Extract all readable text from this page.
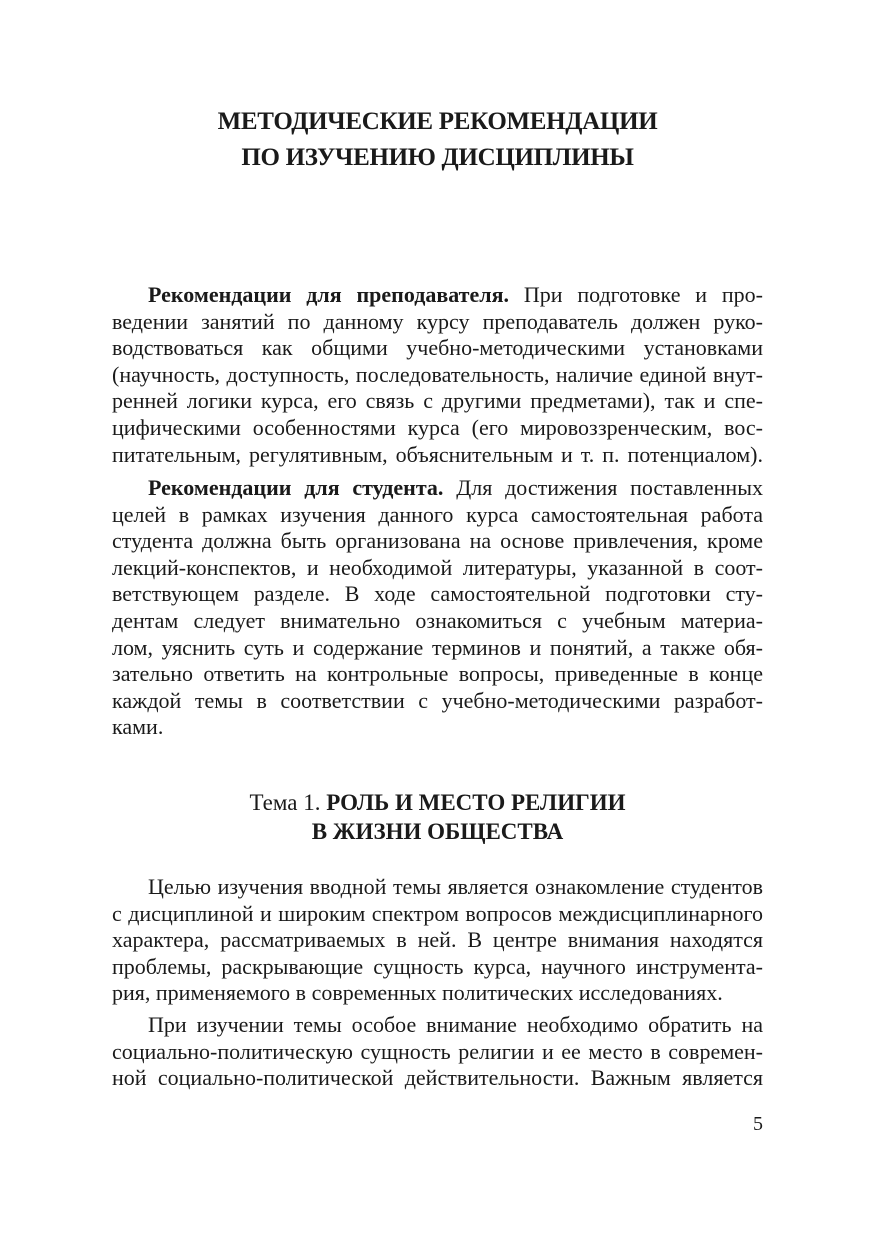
МЕТОДИЧЕСКИЕ РЕКОМЕНДАЦИИ
ПО ИЗУЧЕНИЮ ДИСЦИПЛИНЫ
Рекомендации для преподавателя. При подготовке и про-
ведении занятий по данному курсу преподаватель должен руко-
водствоваться как общими учебно-методическими установками
(научность, доступность, последовательность, наличие единой внут-
ренней логики курса, его связь с другими предметами), так и спе-
цифическими особенностями курса (его мировоззренческим, вос-
питательным, регулятивным, объяснительным и т. п. потенциалом).
Рекомендации для студента. Для достижения поставленных
целей в рамках изучения данного курса самостоятельная работа
студента должна быть организована на основе привлечения, кроме
лекций-конспектов, и необходимой литературы, указанной в соот-
ветствующем разделе. В ходе самостоятельной подготовки сту-
дентам следует внимательно ознакомиться с учебным материа-
лом, уяснить суть и содержание терминов и понятий, а также обя-
зательно ответить на контрольные вопросы, приведенные в конце
каждой темы в соответствии с учебно-методическими разработ-
ками.
Тема 1. РОЛЬ И МЕСТО РЕЛИГИИ
В ЖИЗНИ ОБЩЕСТВА
Целью изучения вводной темы является ознакомление студентов
с дисциплиной и широким спектром вопросов междисциплинарного
характера, рассматриваемых в ней. В центре внимания находятся
проблемы, раскрывающие сущность курса, научного инструмента-
рия, применяемого в современных политических исследованиях.
При изучении темы особое внимание необходимо обратить на
социально-политическую сущность религии и ее место в современ-
ной социально-политической действительности. Важным является
5
